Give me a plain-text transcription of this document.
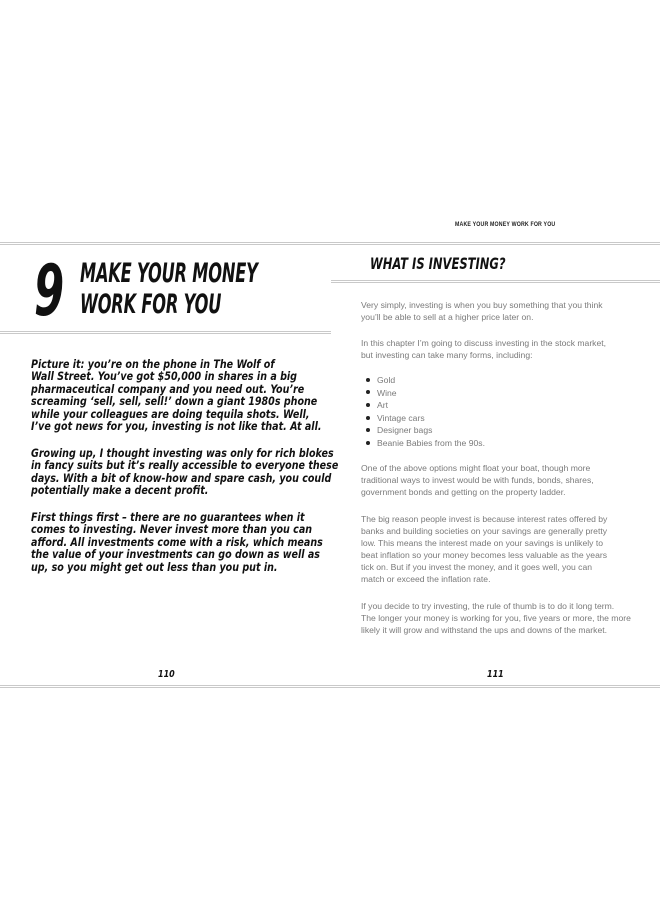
MAKE YOUR MONEY WORK FOR YOU
9 MAKE YOUR MONEY
WORK FOR YOU
Picture it: you’re on the phone in The Wolf of
Wall Street. You’ve got $50,000 in shares in a big
pharmaceutical company and you need out. You’re
screaming ‘sell, sell, sell!’ down a giant 1980s phone
while your colleagues are doing tequila shots. Well,
I’ve got news for you, investing is not like that. At all.
Growing up, I thought investing was only for rich blokes
in fancy suits but it’s really accessible to everyone these
days. With a bit of know-how and spare cash, you could
potentially make a decent profit.
First things first – there are no guarantees when it
comes to investing. Never invest more than you can
afford. All investments come with a risk, which means
the value of your investments can go down as well as
up, so you might get out less than you put in.
110
WHAT IS INVESTING?
Very simply, investing is when you buy something that you think
you’ll be able to sell at a higher price later on.
In this chapter I’m going to discuss investing in the stock market,
but investing can take many forms, including:
Gold
Wine
Art
Vintage cars
Designer bags
Beanie Babies from the 90s.
One of the above options might float your boat, though more
traditional ways to invest would be with funds, bonds, shares,
government bonds and getting on the property ladder.
The big reason people invest is because interest rates offered by
banks and building societies on your savings are generally pretty
low. This means the interest made on your savings is unlikely to
beat inflation so your money becomes less valuable as the years
tick on. But if you invest the money, and it goes well, you can
match or exceed the inflation rate.
If you decide to try investing, the rule of thumb is to do it long term.
The longer your money is working for you, five years or more, the more
likely it will grow and withstand the ups and downs of the market.
111
